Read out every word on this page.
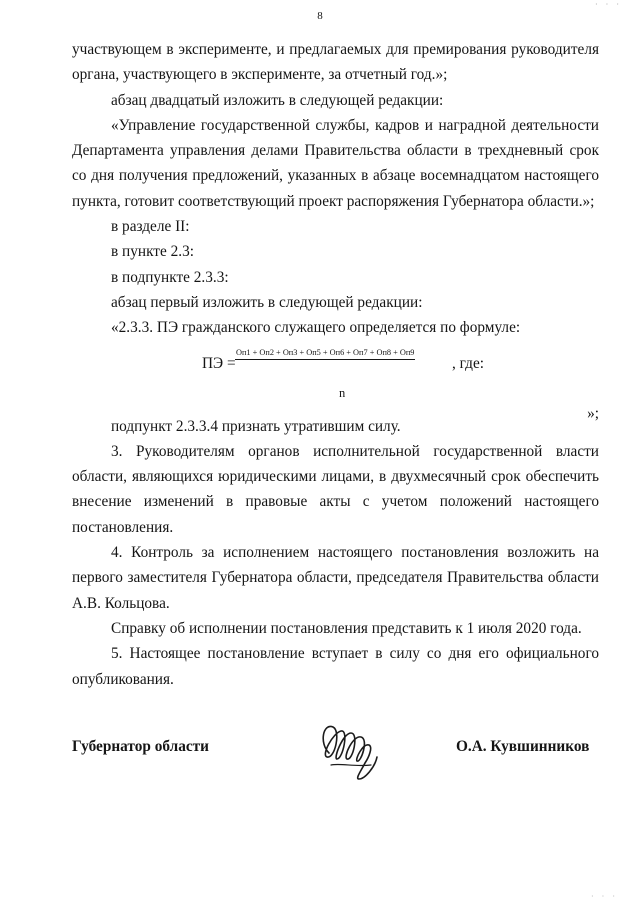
· · ·
8

участвующем в эксперименте, и предлагаемых для премирования руководителя органа, участвующего в эксперименте, за отчетный год.»;

абзац двадцатый изложить в следующей редакции:

«Управление государственной службы, кадров и наградной деятельности Департамента управления делами Правительства области в трехдневный срок со дня получения предложений, указанных в абзаце восемнадцатом настоящего пункта, готовит соответствующий проект распоряжения Губернатора области.»;

в разделе II:

в пункте 2.3:

в подпункте 2.3.3:

абзац первый изложить в следующей редакции:

«2.3.3. ПЭ гражданского служащего определяется по формуле:

ПЭ =
Оп1 + Оп2 + Оп3 + Оп5 + Оп6 + Оп7 + Оп8 + Оп9
, где:
n
»;

подпункт 2.3.3.4 признать утратившим силу.

3. Руководителям органов исполнительной государственной власти области, являющихся юридическими лицами, в двухмесячный срок обеспечить внесение изменений в правовые акты с учетом положений настоящего постановления.

4. Контроль за исполнением настоящего постановления возложить на первого заместителя Губернатора области, председателя Правительства области А.В. Кольцова.

Справку об исполнении постановления представить к 1 июля 2020 года.

5. Настоящее постановление вступает в силу со дня его официального опубликования.

Губернатор области	О.А. Кувшинников
· · ·
